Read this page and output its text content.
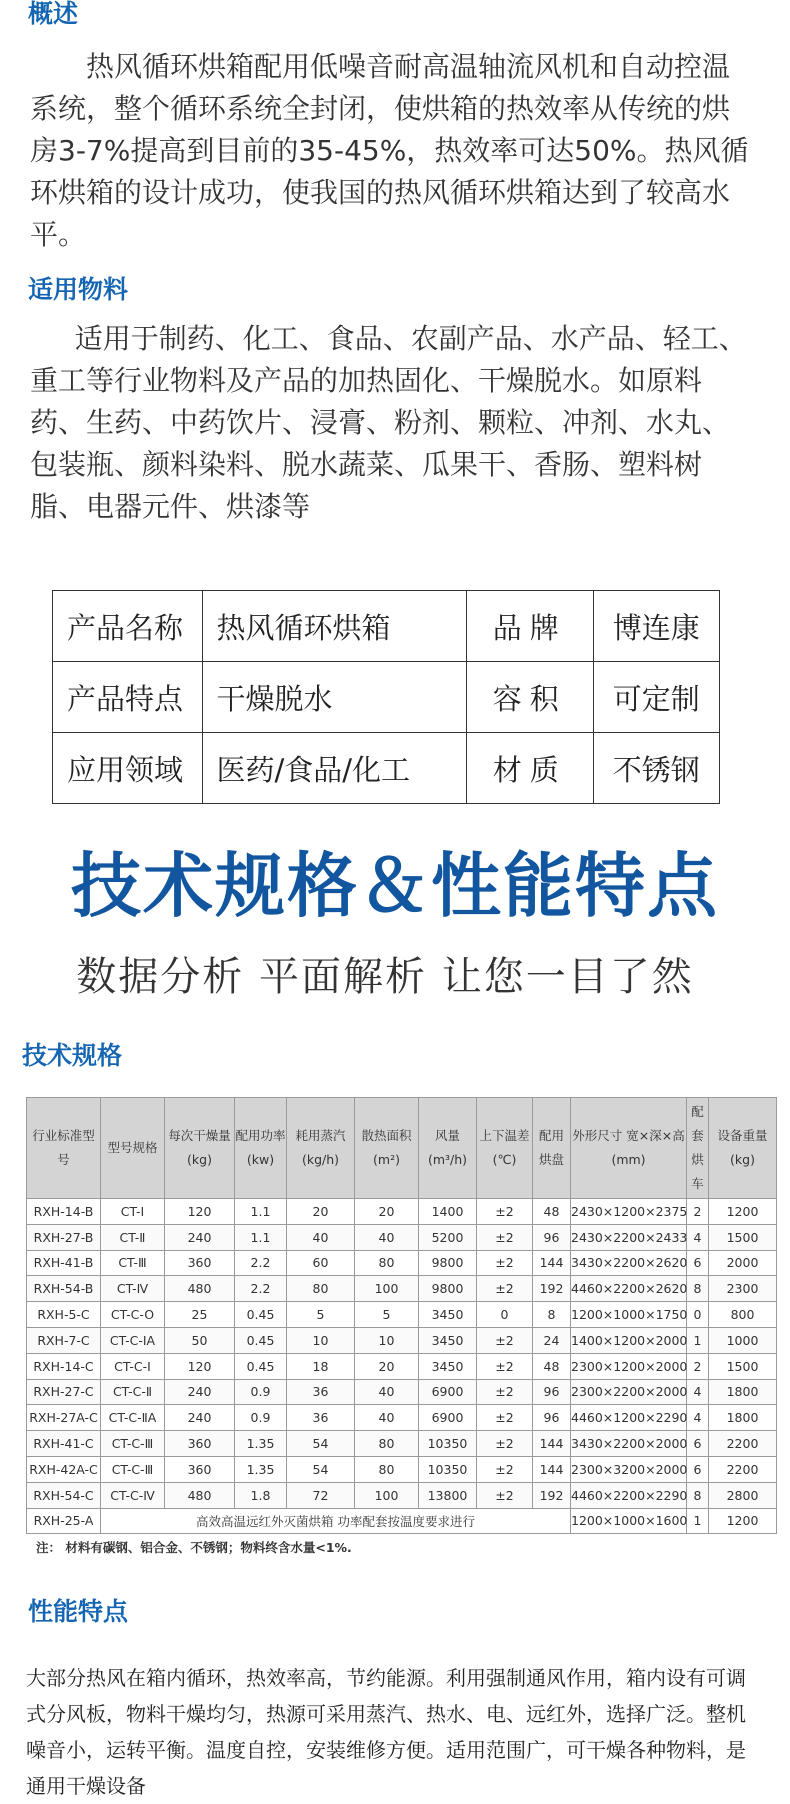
概述

热风循环烘箱配用低噪音耐高温轴流风机和自动控温系统，整个循环系统全封闭，使烘箱的热效率从传统的烘房3-7%提高到目前的35-45%，热效率可达50%。热风循环烘箱的设计成功，使我国的热风循环烘箱达到了较高水平。

适用物料

适用于制药、化工、食品、农副产品、水产品、轻工、重工等行业物料及产品的加热固化、干燥脱水。如原料药、生药、中药饮片、浸膏、粉剂、颗粒、冲剂、水丸、包装瓶、颜料染料、脱水蔬菜、瓜果干、香肠、塑料树脂、电器元件、烘漆等

产品名称	热风循环烘箱	品牌	博连康
产品特点	干燥脱水	容积	可定制
应用领域	医药/食品/化工	材质	不锈钢
技术规格＆性能特点

数据分析 平面解析 让您一目了然

技术规格
行业标准型号	型号规格	每次干燥量(kg)	配用功率(kw)	耗用蒸汽(kg/h)	散热面积(m²)	风量(m³/h)	上下温差(℃)	配用烘盘	外形尺寸 宽×深×高(mm)	配套烘车	设备重量(kg)
RXH-14-B	CT-Ⅰ	120	1.1	20	20	1400	±2	48	2430×1200×2375	2	1200
RXH-27-B	CT-Ⅱ	240	1.1	40	40	5200	±2	96	2430×2200×2433	4	1500
RXH-41-B	CT-Ⅲ	360	2.2	60	80	9800	±2	144	3430×2200×2620	6	2000
RXH-54-B	CT-Ⅳ	480	2.2	80	100	9800	±2	192	4460×2200×2620	8	2300
RXH-5-C	CT-C-O	25	0.45	5	5	3450	0	8	1200×1000×1750	0	800
RXH-7-C	CT-C-ⅠA	50	0.45	10	10	3450	±2	24	1400×1200×2000	1	1000
RXH-14-C	CT-C-Ⅰ	120	0.45	18	20	3450	±2	48	2300×1200×2000	2	1500
RXH-27-C	CT-C-Ⅱ	240	0.9	36	40	6900	±2	96	2300×2200×2000	4	1800
RXH-27A-C	CT-C-ⅡA	240	0.9	36	40	6900	±2	96	4460×1200×2290	4	1800
RXH-41-C	CT-C-Ⅲ	360	1.35	54	80	10350	±2	144	3430×2200×2000	6	2200
RXH-42A-C	CT-C-Ⅲ	360	1.35	54	80	10350	±2	144	2300×3200×2000	6	2200
RXH-54-C	CT-C-Ⅳ	480	1.8	72	100	13800	±2	192	4460×2200×2290	8	2800
RXH-25-A	高效高温远红外灭菌烘箱 功率配套按温度要求进行								1200×1000×1600	1	1200

注： 材料有碳钢、铝合金、不锈钢；物料终含水量<1%.

性能特点

大部分热风在箱内循环，热效率高，节约能源。利用强制通风作用，箱内设有可调式分风板，物料干燥均匀，热源可采用蒸汽、热水、电、远红外，选择广泛。整机噪音小，运转平衡。温度自控，安装维修方便。适用范围广，可干燥各种物料，是通用干燥设备
